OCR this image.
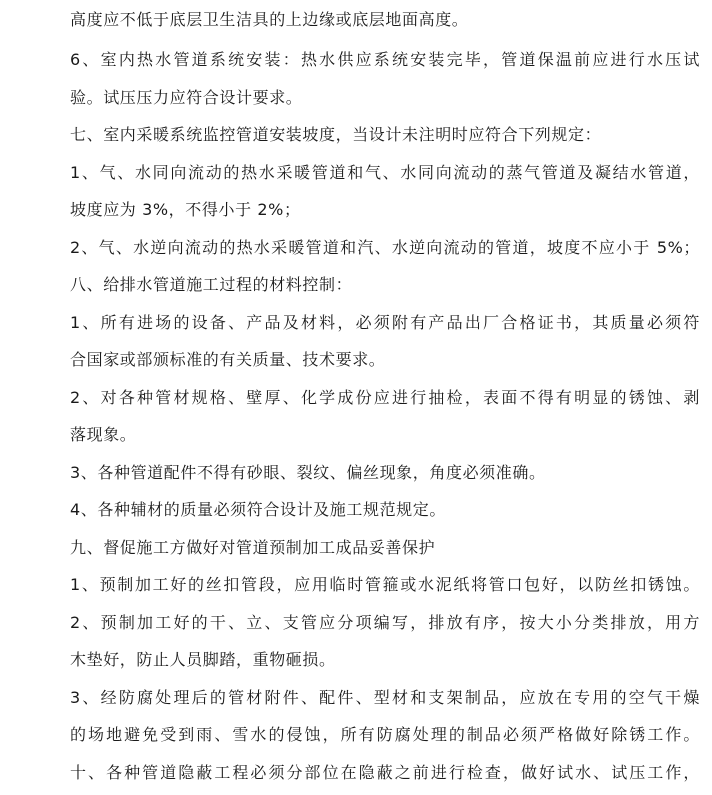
高度应不低于底层卫生洁具的上边缘或底层地面高度。
6、室内热水管道系统安装：热水供应系统安装完毕，管道保温前应进行水压试
验。试压压力应符合设计要求。
七、室内采暖系统监控管道安装坡度，当设计未注明时应符合下列规定：
1、气、水同向流动的热水采暖管道和气、水同向流动的蒸气管道及凝结水管道，
坡度应为 3%，不得小于 2%；
2、气、水逆向流动的热水采暖管道和汽、水逆向流动的管道，坡度不应小于 5%；
八、给排水管道施工过程的材料控制：
1、所有进场的设备、产品及材料，必须附有产品出厂合格证书，其质量必须符
合国家或部颁标准的有关质量、技术要求。
2、对各种管材规格、壁厚、化学成份应进行抽检，表面不得有明显的锈蚀、剥
落现象。
3、各种管道配件不得有砂眼、裂纹、偏丝现象，角度必须准确。
4、各种辅材的质量必须符合设计及施工规范规定。
九、督促施工方做好对管道预制加工成品妥善保护
1、预制加工好的丝扣管段，应用临时管箍或水泥纸将管口包好，以防丝扣锈蚀。
2、预制加工好的干、立、支管应分项编写，排放有序，按大小分类排放，用方
木垫好，防止人员脚踏，重物砸损。
3、经防腐处理后的管材附件、配件、型材和支架制品，应放在专用的空气干燥
的场地避免受到雨、雪水的侵蚀，所有防腐处理的制品必须严格做好除锈工作。
十、各种管道隐蔽工程必须分部位在隐蔽之前进行检查，做好试水、试压工作，
